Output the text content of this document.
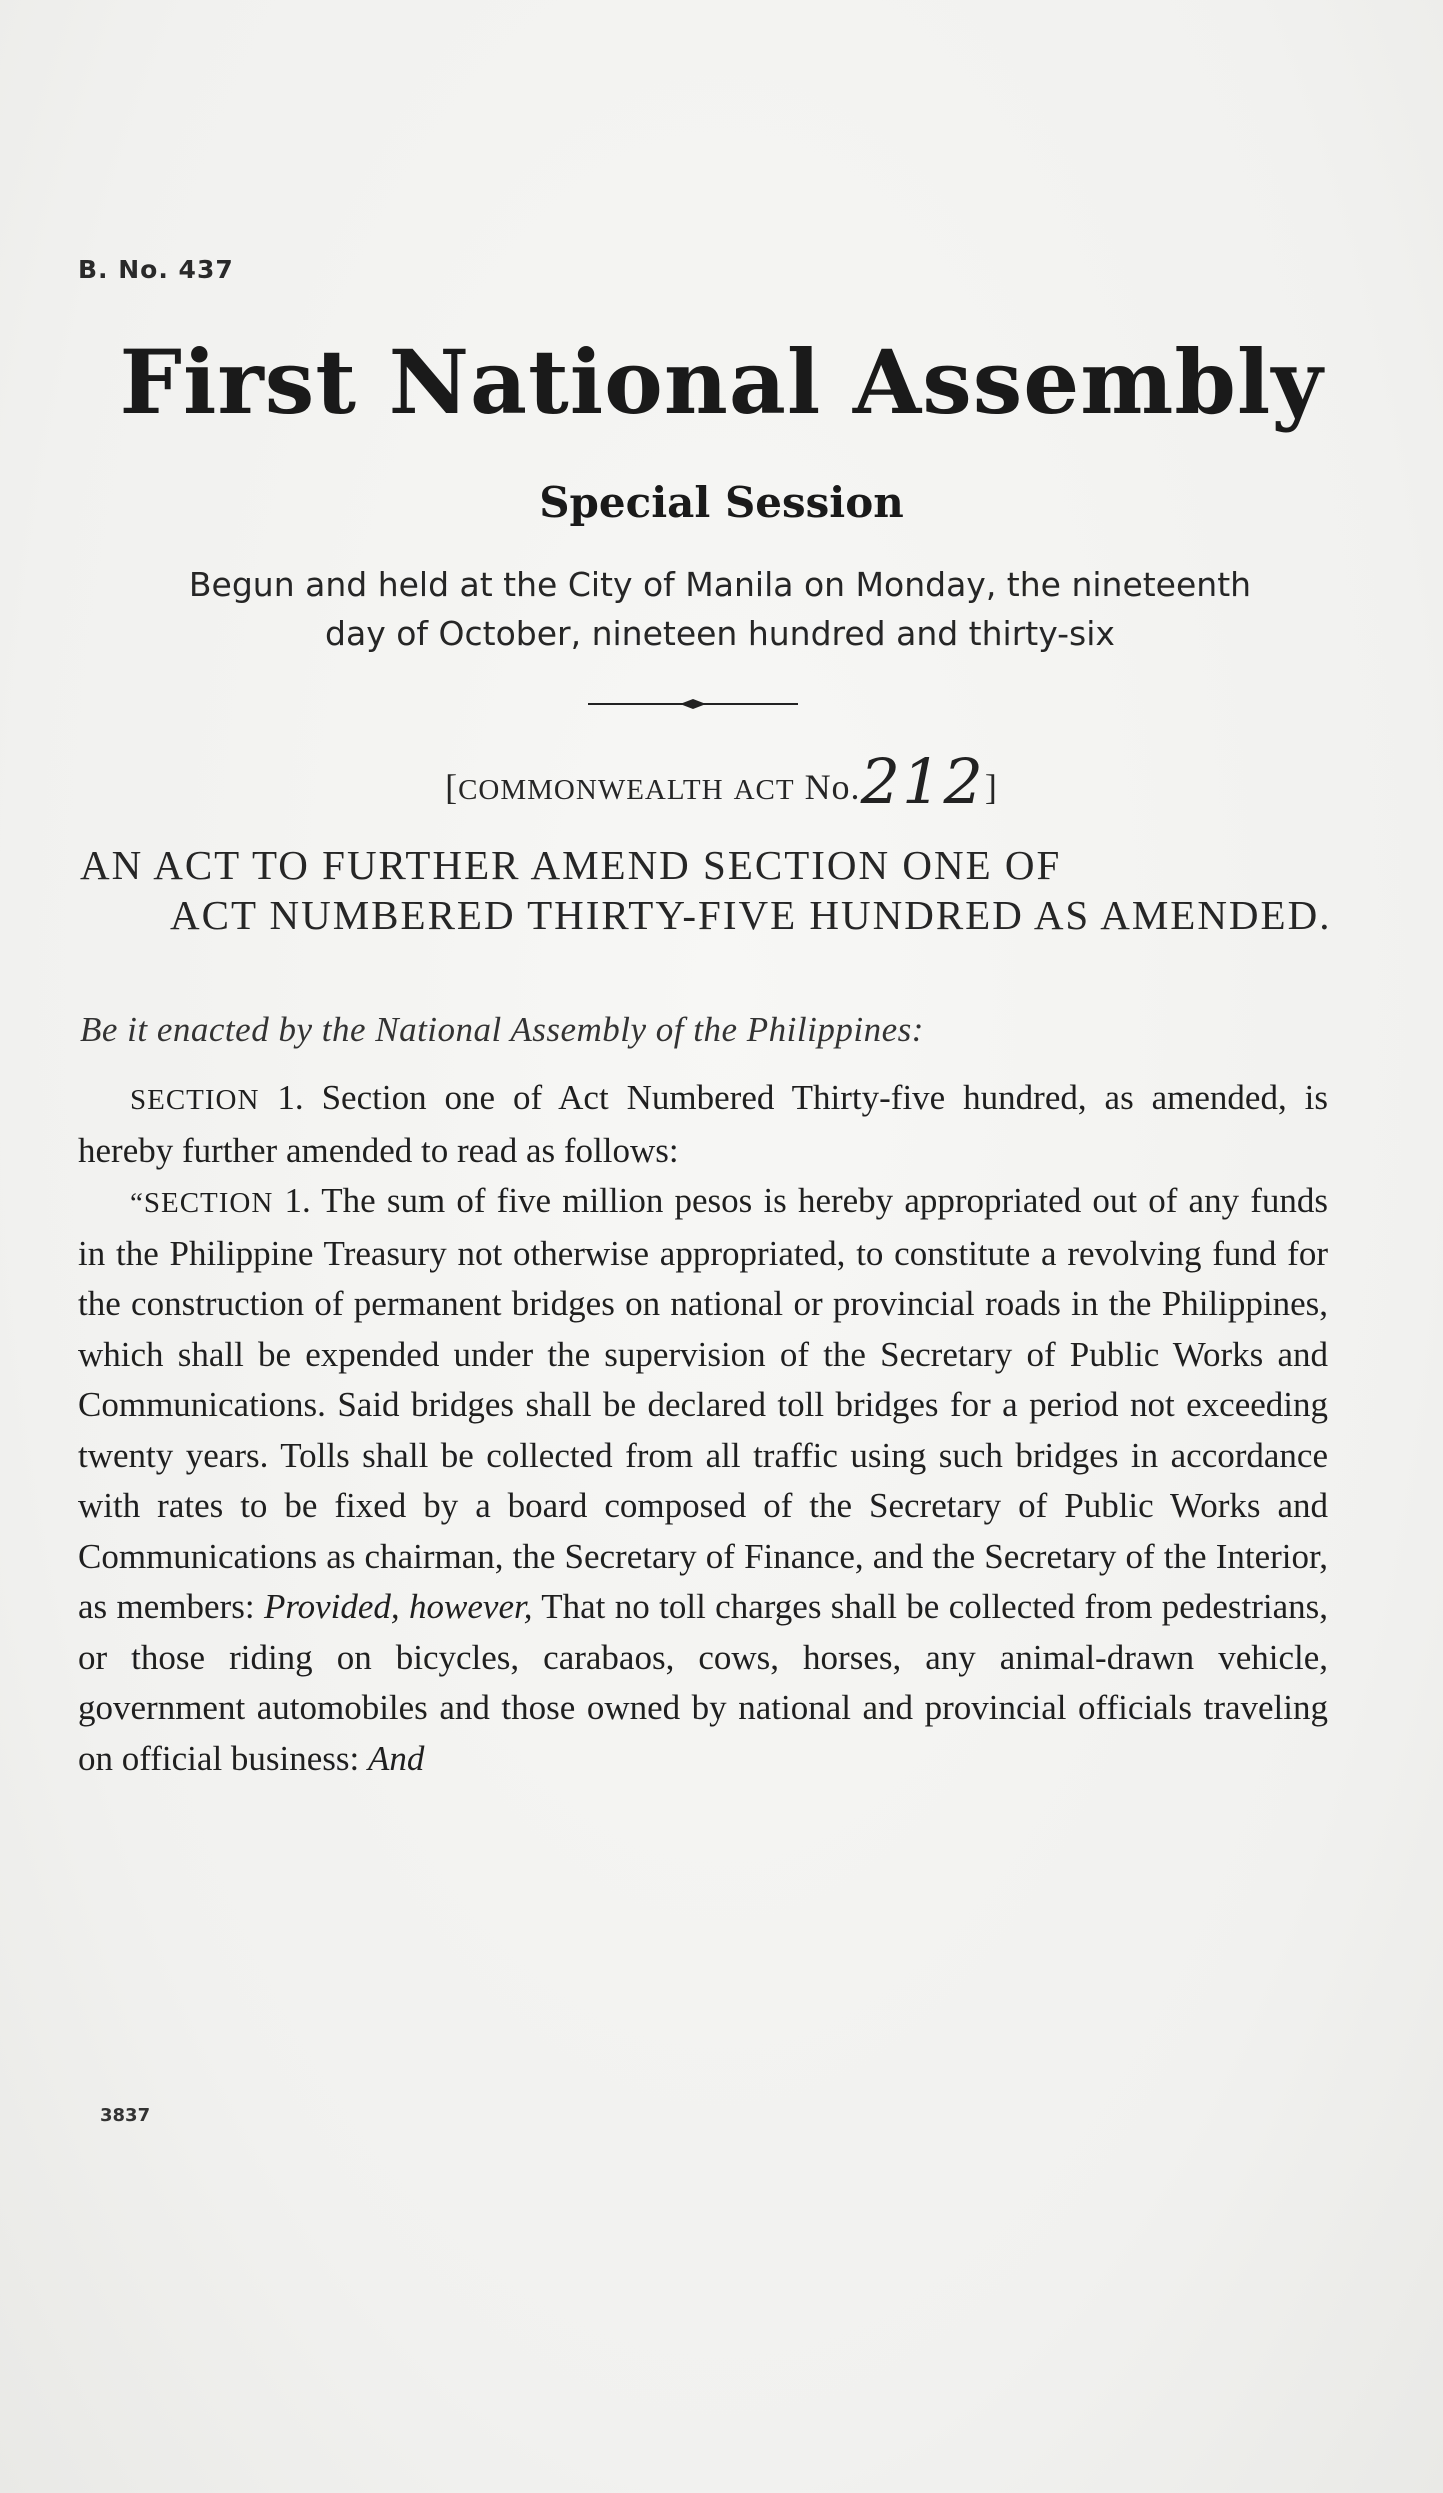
B. No. 437
First National Assembly
Special Session
Begun and held at the City of Manila on Monday, the nineteenth
day of October, nineteen hundred and thirty-six
[COMMONWEALTH ACT No.212]
AN ACT TO FURTHER AMEND SECTION ONE OF
ACT NUMBERED THIRTY-FIVE HUNDRED AS AMENDED.
Be it enacted by the National Assembly of the Philippines:

SECTION 1. Section one of Act Numbered Thirty-five hundred, as amended, is hereby further amended to read as follows:

“SECTION 1. The sum of five million pesos is hereby appropriated out of any funds in the Philippine Treasury not otherwise appropriated, to constitute a revolving fund for the construction of permanent bridges on national or provincial roads in the Philippines, which shall be expended under the supervision of the Secretary of Public Works and Communications. Said bridges shall be declared toll bridges for a period not exceeding twenty years. Tolls shall be collected from all traffic using such bridges in accordance with rates to be fixed by a board composed of the Secretary of Public Works and Communications as chairman, the Secretary of Finance, and the Secretary of the Interior, as members: Provided, however, That no toll charges shall be collected from pedestrians, or those riding on bicycles, carabaos, cows, horses, any animal-drawn vehicle, government automobiles and those owned by national and provincial officials traveling on official business: And

3837
